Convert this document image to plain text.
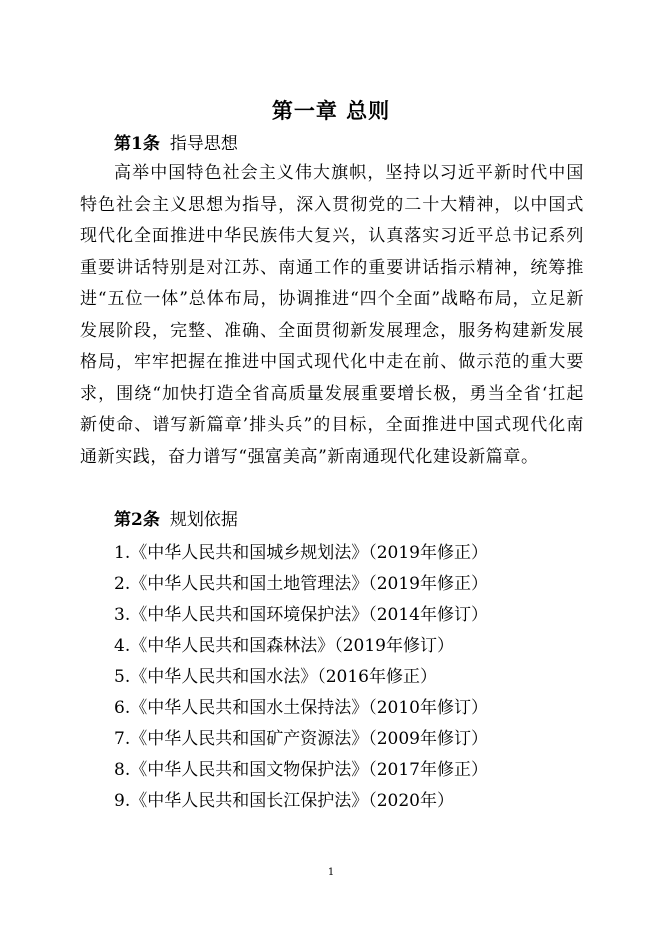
第一章 总则
第1条 指导思想

高举中国特色社会主义伟大旗帜，坚持以习近平新时代中国特色社会主义思想为指导，深入贯彻党的二十大精神，以中国式现代化全面推进中华民族伟大复兴，认真落实习近平总书记系列重要讲话特别是对江苏、南通工作的重要讲话指示精神，统筹推进“五位一体”总体布局，协调推进“四个全面”战略布局，立足新发展阶段，完整、准确、全面贯彻新发展理念，服务构建新发展格局，牢牢把握在推进中国式现代化中走在前、做示范的重大要求，围绕“加快打造全省高质量发展重要增长极，勇当全省‘扛起新使命、谱写新篇章’排头兵”的目标，全面推进中国式现代化南通新实践，奋力谱写“强富美高”新南通现代化建设新篇章。

第2条 规划依据
1.《中华人民共和国城乡规划法》（2019年修正）
2.《中华人民共和国土地管理法》（2019年修正）
3.《中华人民共和国环境保护法》（2014年修订）
4.《中华人民共和国森林法》（2019年修订）
5.《中华人民共和国水法》（2016年修正）
6.《中华人民共和国水土保持法》（2010年修订）
7.《中华人民共和国矿产资源法》（2009年修订）
8.《中华人民共和国文物保护法》（2017年修正）
9.《中华人民共和国长江保护法》（2020年）
1
